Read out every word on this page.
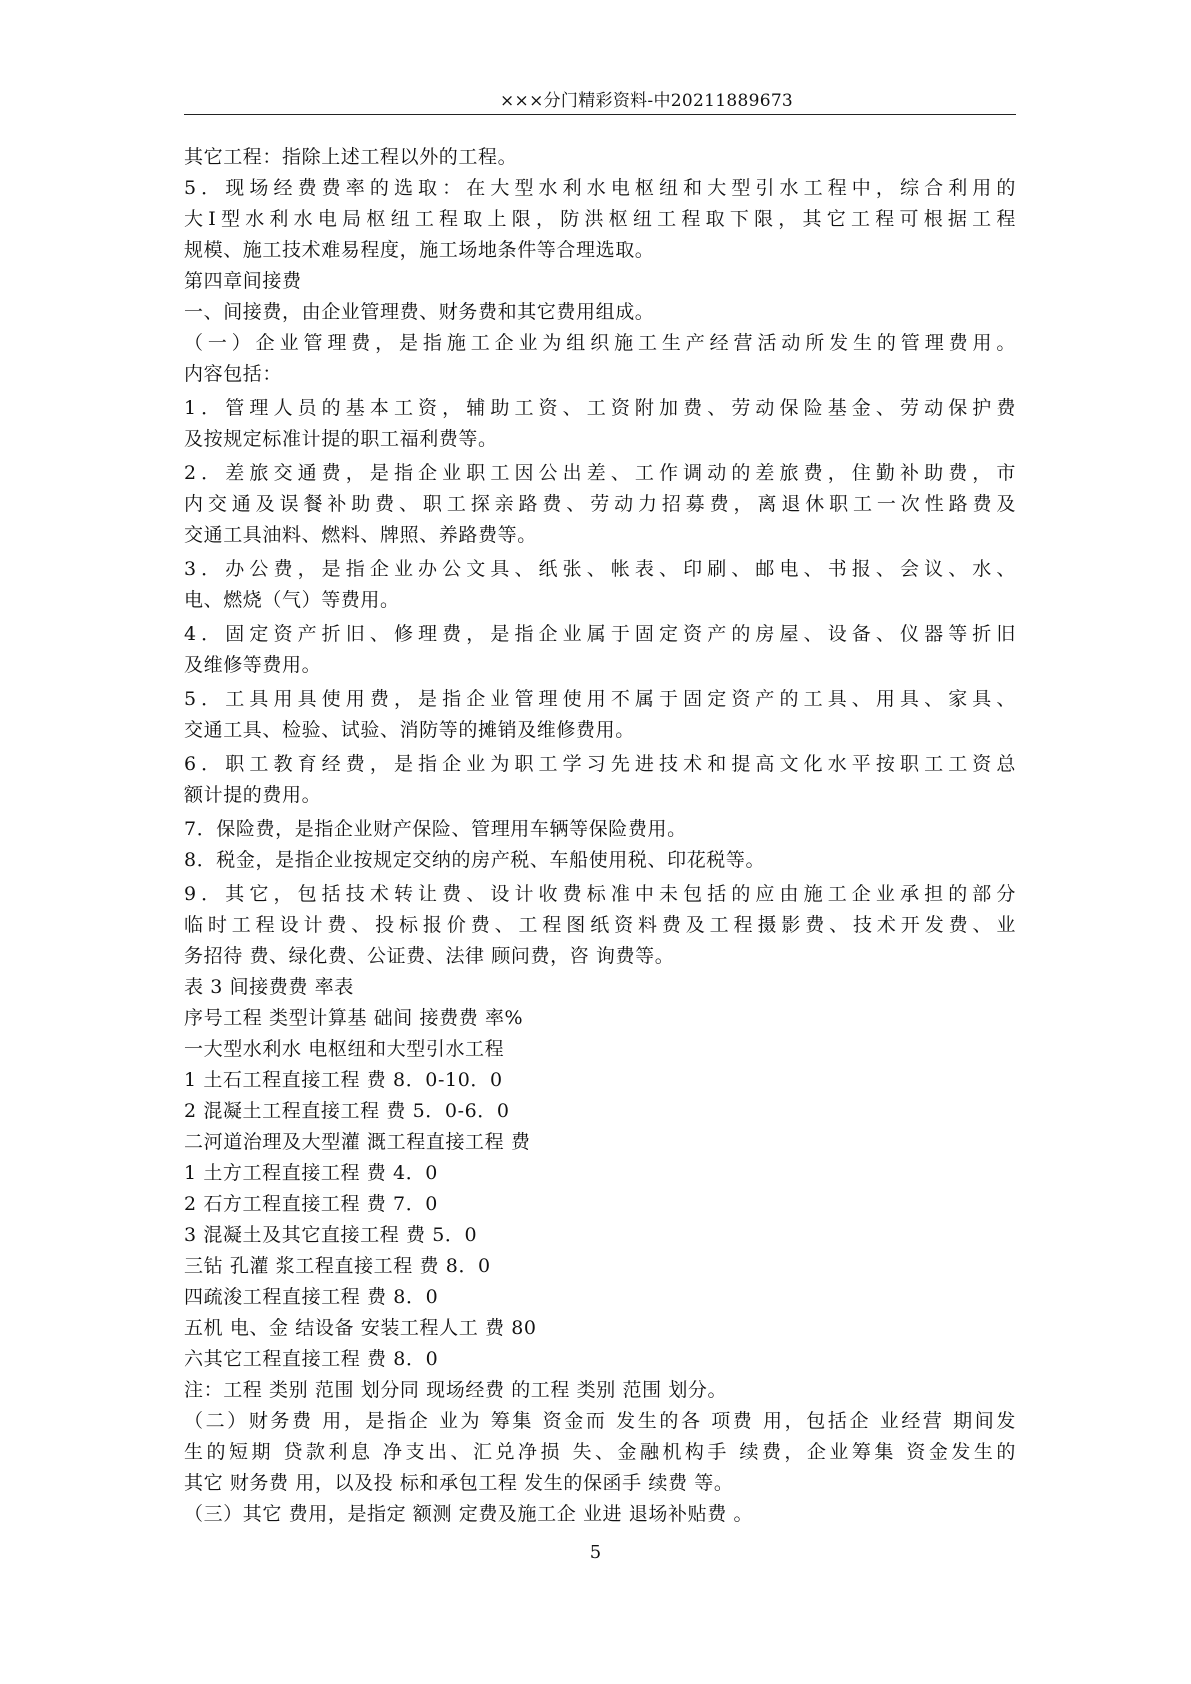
×××分门精彩资料-中20211889673
其它工程：指除上述工程以外的工程。
5．现场经费费率的选取：在大型水利水电枢纽和大型引水工程中，综合利用的
大Ⅰ型水利水电局枢纽工程取上限，防洪枢纽工程取下限，其它工程可根据工程
规模、施工技术难易程度，施工场地条件等合理选取。
第四章间接费
一、间接费，由企业管理费、财务费和其它费用组成。
（一）企业管理费，是指施工企业为组织施工生产经营活动所发生的管理费用。
内容包括：
1．管理人员的基本工资，辅助工资、工资附加费、劳动保险基金、劳动保护费
及按规定标准计提的职工福利费等。
2．差旅交通费，是指企业职工因公出差、工作调动的差旅费，住勤补助费，市
内交通及误餐补助费、职工探亲路费、劳动力招募费，离退休职工一次性路费及
交通工具油料、燃料、牌照、养路费等。
3．办公费，是指企业办公文具、纸张、帐表、印刷、邮电、书报、会议、水、
电、燃烧（气）等费用。
4．固定资产折旧、修理费，是指企业属于固定资产的房屋、设备、仪器等折旧
及维修等费用。
5．工具用具使用费，是指企业管理使用不属于固定资产的工具、用具、家具、
交通工具、检验、试验、消防等的摊销及维修费用。
6．职工教育经费，是指企业为职工学习先进技术和提高文化水平按职工工资总
额计提的费用。
7．保险费，是指企业财产保险、管理用车辆等保险费用。
8．税金，是指企业按规定交纳的房产税、车船使用税、印花税等。
9．其它，包括技术转让费、设计收费标准中未包括的应由施工企业承担的部分
临时工程设计费、投标报价费、工程图纸资料费及工程摄影费、技术开发费、业
务招待 费、绿化费、公证费、法律 顾问费，咨 询费等。
表 3 间接费费 率表
序号工程 类型计算基 础间 接费费 率%
一大型水利水 电枢纽和大型引水工程
1 土石工程直接工程 费 8．0-10．0
2 混凝土工程直接工程 费 5．0-6．0
二河道治理及大型灌 溉工程直接工程 费
1 土方工程直接工程 费 4．0
2 石方工程直接工程 费 7．0
3 混凝土及其它直接工程 费 5．0
三钻 孔灌 浆工程直接工程 费 8．0
四疏浚工程直接工程 费 8．0
五机 电、金 结设备 安装工程人工 费 80
六其它工程直接工程 费 8．0
注：工程 类别 范围 划分同 现场经费 的工程 类别 范围 划分。
（二）财务费 用，是指企 业为 筹集 资金而 发生的各 项费 用，包括企 业经营 期间发
生的短期 贷款利息 净支出、汇兑净损 失、金融机构手 续费，企业筹集 资金发生的
其它 财务费 用，以及投 标和承包工程 发生的保函手 续费 等。
（三）其它 费用，是指定 额测 定费及施工企 业进 退场补贴费 。
5
